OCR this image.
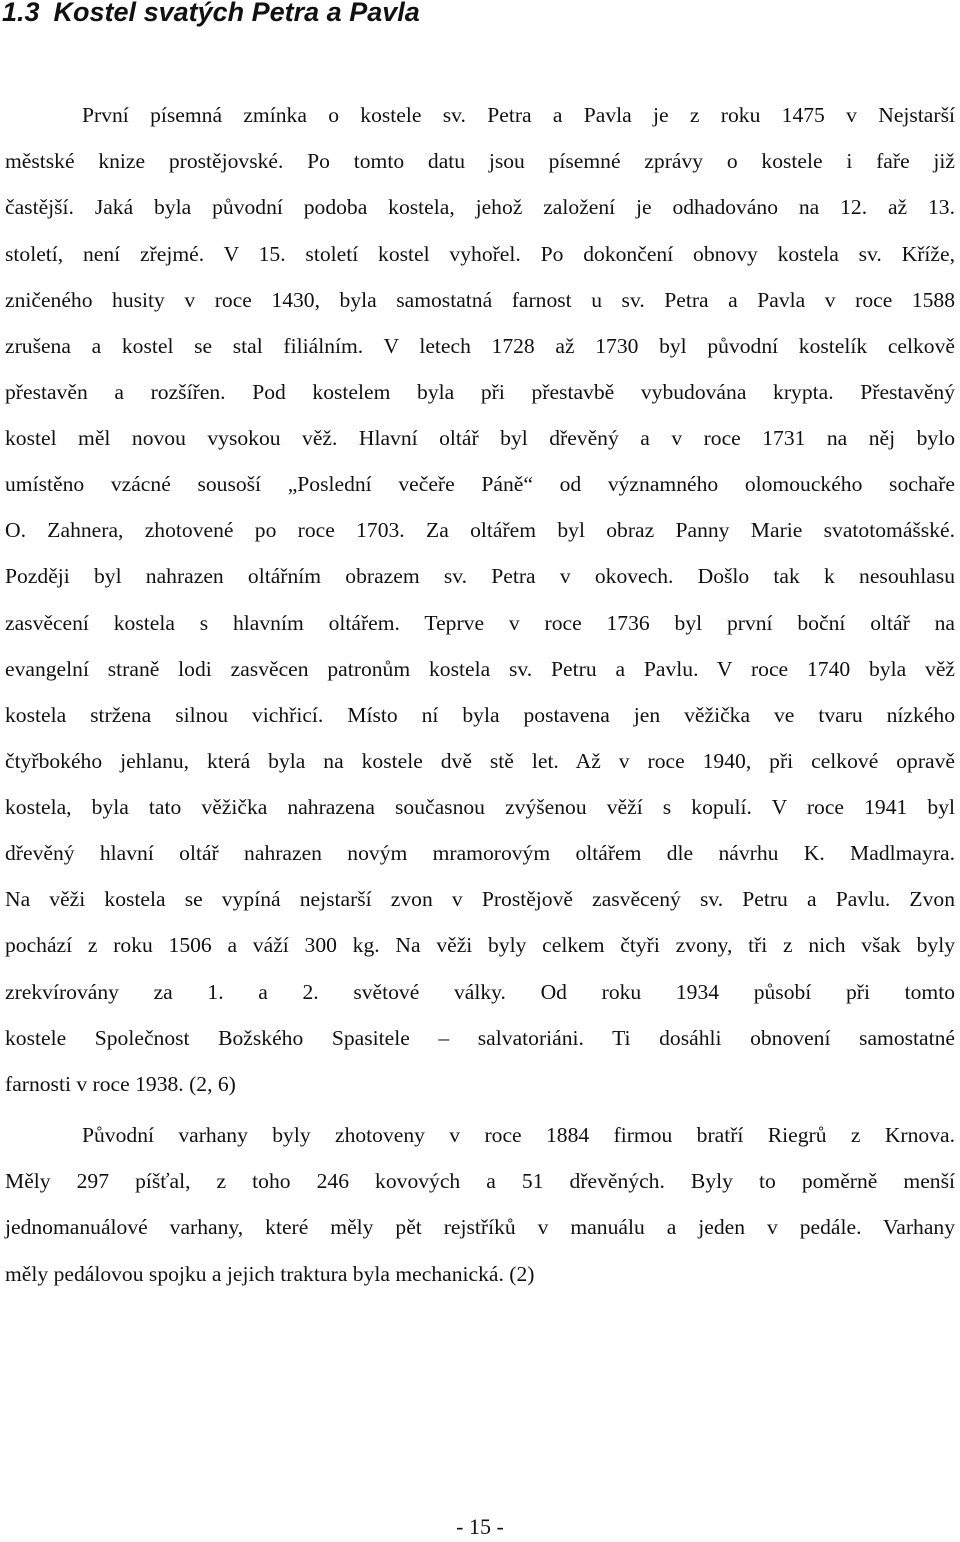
1.3 Kostel svatých Petra a Pavla
První písemná zmínka o kostele sv. Petra a Pavla je z roku 1475 v Nejstarší
městské knize prostějovské. Po tomto datu jsou písemné zprávy o kostele i faře již
častější. Jaká byla původní podoba kostela, jehož založení je odhadováno na 12. až 13.
století, není zřejmé. V 15. století kostel vyhořel. Po dokončení obnovy kostela sv. Kříže,
zničeného husity v roce 1430, byla samostatná farnost u sv. Petra a Pavla v roce 1588
zrušena a kostel se stal filiálním. V letech 1728 až 1730 byl původní kostelík celkově
přestavěn a rozšířen. Pod kostelem byla při přestavbě vybudována krypta. Přestavěný
kostel měl novou vysokou věž. Hlavní oltář byl dřevěný a v roce 1731 na něj bylo
umístěno vzácné sousoší „Poslední večeře Páně“ od významného olomouckého sochaře
O. Zahnera, zhotovené po roce 1703. Za oltářem byl obraz Panny Marie svatotomášské.
Později byl nahrazen oltářním obrazem sv. Petra v okovech. Došlo tak k nesouhlasu
zasvěcení kostela s hlavním oltářem. Teprve v roce 1736 byl první boční oltář na
evangelní straně lodi zasvěcen patronům kostela sv. Petru a Pavlu. V roce 1740 byla věž
kostela stržena silnou vichřicí. Místo ní byla postavena jen věžička ve tvaru nízkého
čtyřbokého jehlanu, která byla na kostele dvě stě let. Až v roce 1940, při celkové opravě
kostela, byla tato věžička nahrazena současnou zvýšenou věží s kopulí. V roce 1941 byl
dřevěný hlavní oltář nahrazen novým mramorovým oltářem dle návrhu K. Madlmayra.
Na věži kostela se vypíná nejstarší zvon v Prostějově zasvěcený sv. Petru a Pavlu. Zvon
pochází z roku 1506 a váží 300 kg. Na věži byly celkem čtyři zvony, tři z nich však byly
zrekvírovány za 1. a 2. světové války. Od roku 1934 působí při tomto
kostele Společnost Božského Spasitele – salvatoriáni. Ti dosáhli obnovení samostatné
farnosti v roce 1938. (2, 6)
Původní varhany byly zhotoveny v roce 1884 firmou bratří Riegrů z Krnova.
Měly 297 píšťal, z toho 246 kovových a 51 dřevěných. Byly to poměrně menší
jednomanuálové varhany, které měly pět rejstříků v manuálu a jeden v pedále. Varhany
měly pedálovou spojku a jejich traktura byla mechanická. (2)
- 15 -
